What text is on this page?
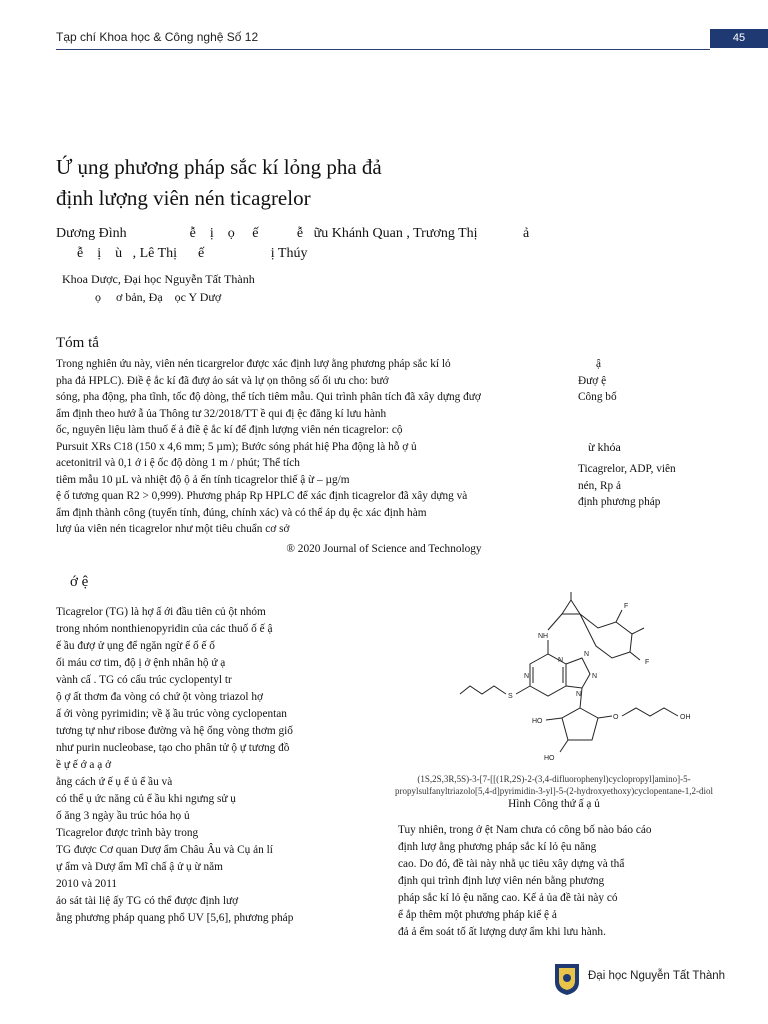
Tạp chí Khoa học & Công nghệ Số 12	45
Ứ ụng phương pháp sắc kí lỏng pha đả
định lượng viên nén ticagrelor
Dương Đình                  ễ    ị    ọ     ế           ễ   ữu Khánh Quan , Trương Thị             ả
ễ    ị    ù   , Lê Thị      ế                   ị Thúy
Khoa Dược, Đại học Nguyễn Tất Thành
ọ     ơ bản, Đạ    ọc Y Dượ
Tóm tắ

Trong nghiên ứu này, viên nén ticargrelor được xác định lượ ằng phương pháp sắc kí lỏ

pha đả HPLC). Điề ệ ắc kí đã đượ ảo sát và lự ọn thông số ối ưu cho: bướ

sóng, pha động, pha tĩnh, tốc độ dòng, thể tích tiêm mẫu. Qui trình phân tích đã xây dựng đượ

ẩm định theo hướ ẫ ủa Thông tư 32/2018/TT ề qui đị ệc đăng kí lưu hành

ốc, nguyên liệu làm thuố ế ả điề ệ ắc kí để định lượng viên nén ticagrelor: cộ

Pursuit XRs C18 (150 x 4,6 mm; 5 µm); Bước sóng phát hiệ Pha động là hỗ ợ ủ

acetonitril và 0,1 ớ i ệ ốc độ dòng 1 m / phút; Thể tích

tiêm mẫu 10 µL và nhiệt độ ộ ả ến tính ticagrelor thiế ậ ừ – µg/m

ệ ố tương quan R2 > 0,999). Phương pháp Rp HPLC để xác định ticagrelor đã xây dựng và

ẩm định thành công (tuyến tính, đúng, chính xác) và có thể áp dụ ệc xác định hàm

lượ ủa viên nén ticagrelor như một tiêu chuẩn cơ sở

ậ
Đượ ệ
Công bố
ừ khóa
Ticagrelor, ADP, viên
nén, Rp ả
định phương pháp
® 2020 Journal of Science and Technology
ớ ệ

Ticagrelor (TG) là hợ ấ ới đầu tiên củ ột nhóm

trong nhóm nonthienopyridin của các thuố ố ế ậ

ế ầu đượ ử ụng để ngăn ngừ ế ố ế ố

ối máu cơ tim, độ ị ở ệnh nhân hộ ứ ạ

vành cấ . TG có cấu trúc cyclopentyl tr

ộ ợ ất thơm đa vòng có chứ ột vòng triazol hợ

ấ ới vòng pyrimidin; về ặ ầu trúc vòng cyclopentan

tương tự như ribose đường và hệ ống vòng thơm giố

như purin nucleobase, tạo cho phân tử ộ ự tương đồ

ề ự ế ớ a ạ ở

ằng cách ứ ế ụ ể ủ ể ầu và

có thể ụ ức năng củ ể ầu khi ngưng sử ụ

ố ăng 3 ngày ầu trúc hóa họ ủ

Ticagrelor được trình bày trong

TG được Cơ quan Dượ ẩm Châu Âu và Cụ ản lí

ự ẩm và Dượ ẩm Mĩ chấ ậ ử ụ ừ năm

2010 và 2011

ảo sát tài liệ ấy TG có thể được định lượ

ằng phương pháp quang phổ UV [5,6], phương pháp

NH
F
F
N
N
N
N
N
S
HO
HO
O	OH
(1S,2S,3R,5S)-3-[7-[[(1R,2S)-2-(3,4-difluorophenyl)cyclopropyl]amino]-5-
propylsulfanyltriazolo[5,4-d]pyrimidin-3-yl]-5-(2-hydroxyethoxy)cyclopentane-1,2-diol
Hình Công thứ ấ ạ ủ

Tuy nhiên, trong ở ệt Nam chưa có công bố nào báo cáo

định lượ ằng phương pháp sắc kí lỏ ệu năng

cao. Do đó, đề tài này nhằ ục tiêu xây dựng và thẩ

định qui trình định lượ viên nén bằng phương

pháp sắc kí lỏ ệu năng cao. Kế ả ủa đề tài này có

ể ắp thêm một phương pháp kiể ệ ả

đả ả ểm soát tố ất lượng dượ ẩm khi lưu hành.

Đại học Nguyễn Tất Thành
